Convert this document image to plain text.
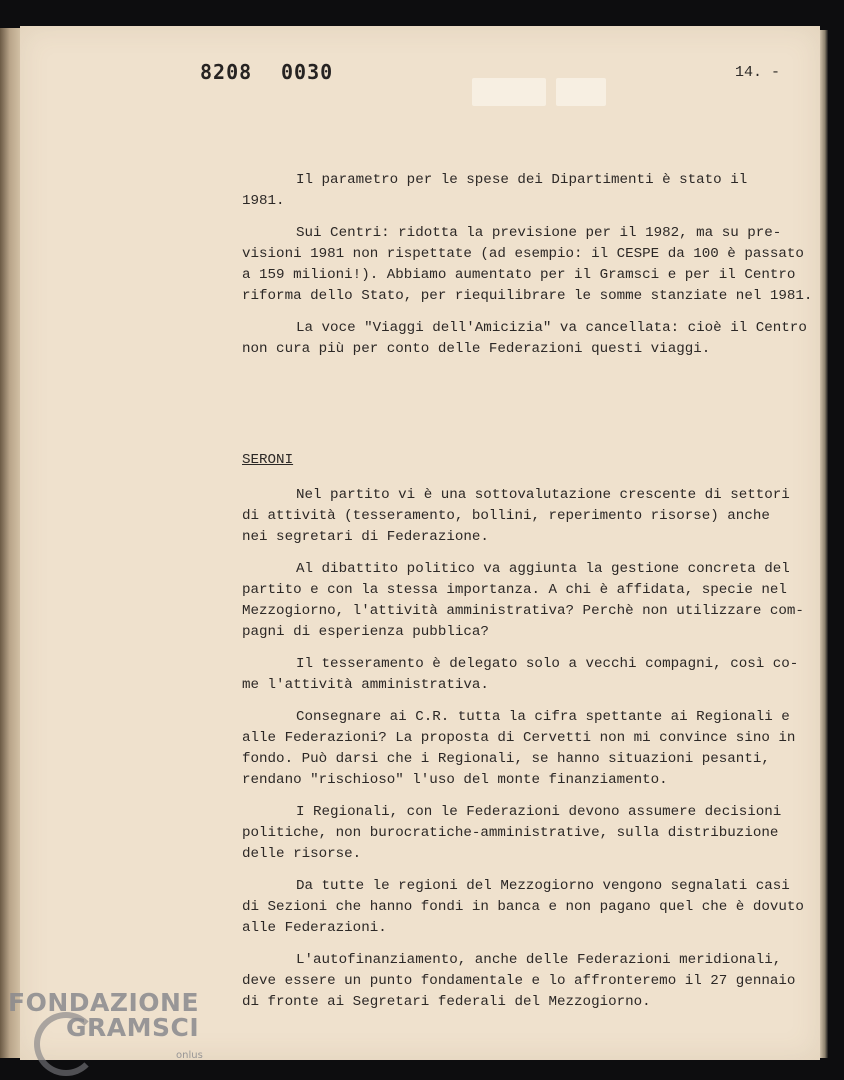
8208 0030	14. -

Il parametro per le spese dei Dipartimenti è stato il
1981.

Sui Centri: ridotta la previsione per il 1982, ma su pre-
visioni 1981 non rispettate (ad esempio: il CESPE da 100 è passato
a 159 milioni!). Abbiamo aumentato per il Gramsci e per il Centro
riforma dello Stato, per riequilibrare le somme stanziate nel 1981.

La voce "Viaggi dell'Amicizia" va cancellata: cioè il Centro
non cura più per conto delle Federazioni questi viaggi.

SERONI

Nel partito vi è una sottovalutazione crescente di settori
di attività (tesseramento, bollini, reperimento risorse) anche
nei segretari di Federazione.

Al dibattito politico va aggiunta la gestione concreta del
partito e con la stessa importanza. A chi è affidata, specie nel
Mezzogiorno, l'attività amministrativa? Perchè non utilizzare com-
pagni di esperienza pubblica?

Il tesseramento è delegato solo a vecchi compagni, così co-
me l'attività amministrativa.

Consegnare ai C.R. tutta la cifra spettante ai Regionali e
alle Federazioni? La proposta di Cervetti non mi convince sino in
fondo. Può darsi che i Regionali, se hanno situazioni pesanti,
rendano "rischioso" l'uso del monte finanziamento.

I Regionali, con le Federazioni devono assumere decisioni
politiche, non burocratiche-amministrative, sulla distribuzione
delle risorse.

Da tutte le regioni del Mezzogiorno vengono segnalati casi
di Sezioni che hanno fondi in banca e non pagano quel che è dovuto
alle Federazioni.

L'autofinanziamento, anche delle Federazioni meridionali,
deve essere un punto fondamentale e lo affronteremo il 27 gennaio
di fronte ai Segretari federali del Mezzogiorno.

FONDAZIONE
GRAMSCI
onlus
